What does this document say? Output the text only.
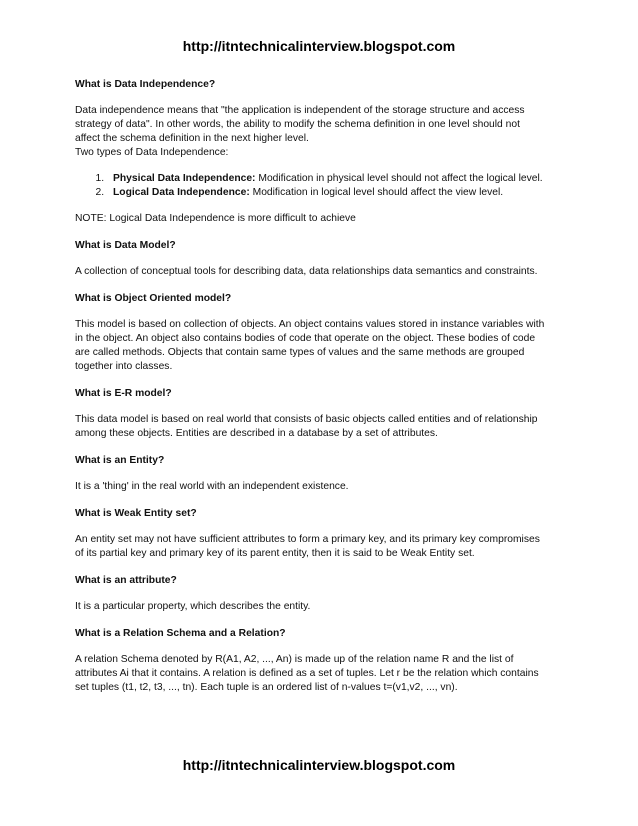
http://itntechnicalinterview.blogspot.com

What is Data Independence?

Data independence means that "the application is independent of the storage structure and access
strategy of data". In other words, the ability to modify the schema definition in one level should not
affect the schema definition in the next higher level.
Two types of Data Independence:
1. Physical Data Independence: Modification in physical level should not affect the logical level.
2. Logical Data Independence: Modification in logical level should affect the view level.
NOTE: Logical Data Independence is more difficult to achieve

What is Data Model?

A collection of conceptual tools for describing data, data relationships data semantics and constraints.

What is Object Oriented model?

This model is based on collection of objects. An object contains values stored in instance variables with
in the object. An object also contains bodies of code that operate on the object. These bodies of code
are called methods. Objects that contain same types of values and the same methods are grouped
together into classes.

What is E-R model?

This data model is based on real world that consists of basic objects called entities and of relationship
among these objects. Entities are described in a database by a set of attributes.

What is an Entity?

It is a 'thing' in the real world with an independent existence.

What is Weak Entity set?

An entity set may not have sufficient attributes to form a primary key, and its primary key compromises
of its partial key and primary key of its parent entity, then it is said to be Weak Entity set.

What is an attribute?

It is a particular property, which describes the entity.

What is a Relation Schema and a Relation?

A relation Schema denoted by R(A1, A2, ..., An) is made up of the relation name R and the list of
attributes Ai that it contains. A relation is defined as a set of tuples. Let r be the relation which contains
set tuples (t1, t2, t3, ..., tn). Each tuple is an ordered list of n-values t=(v1,v2, ..., vn).
http://itntechnicalinterview.blogspot.com
